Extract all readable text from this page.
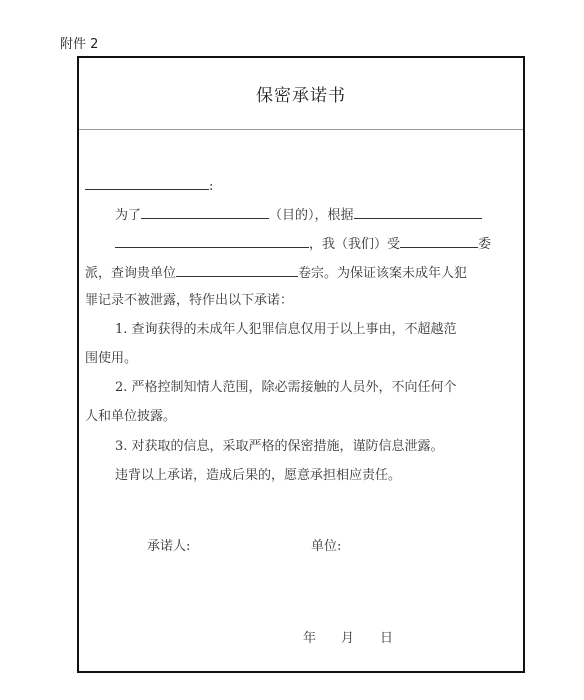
附件 2
保密承诺书
:
为了	（目的），根据
，我（我们）受	委
派，查询贵单位	卷宗。为保证该案未成年人犯
罪记录不被泄露，特作出以下承诺：
1. 查询获得的未成年人犯罪信息仅用于以上事由，不超越范
围使用。
2. 严格控制知情人范围，除必需接触的人员外，不向任何个
人和单位披露。
3. 对获取的信息，采取严格的保密措施，谨防信息泄露。
违背以上承诺，造成后果的，愿意承担相应责任。
承诺人:	单位:
年 月 日
